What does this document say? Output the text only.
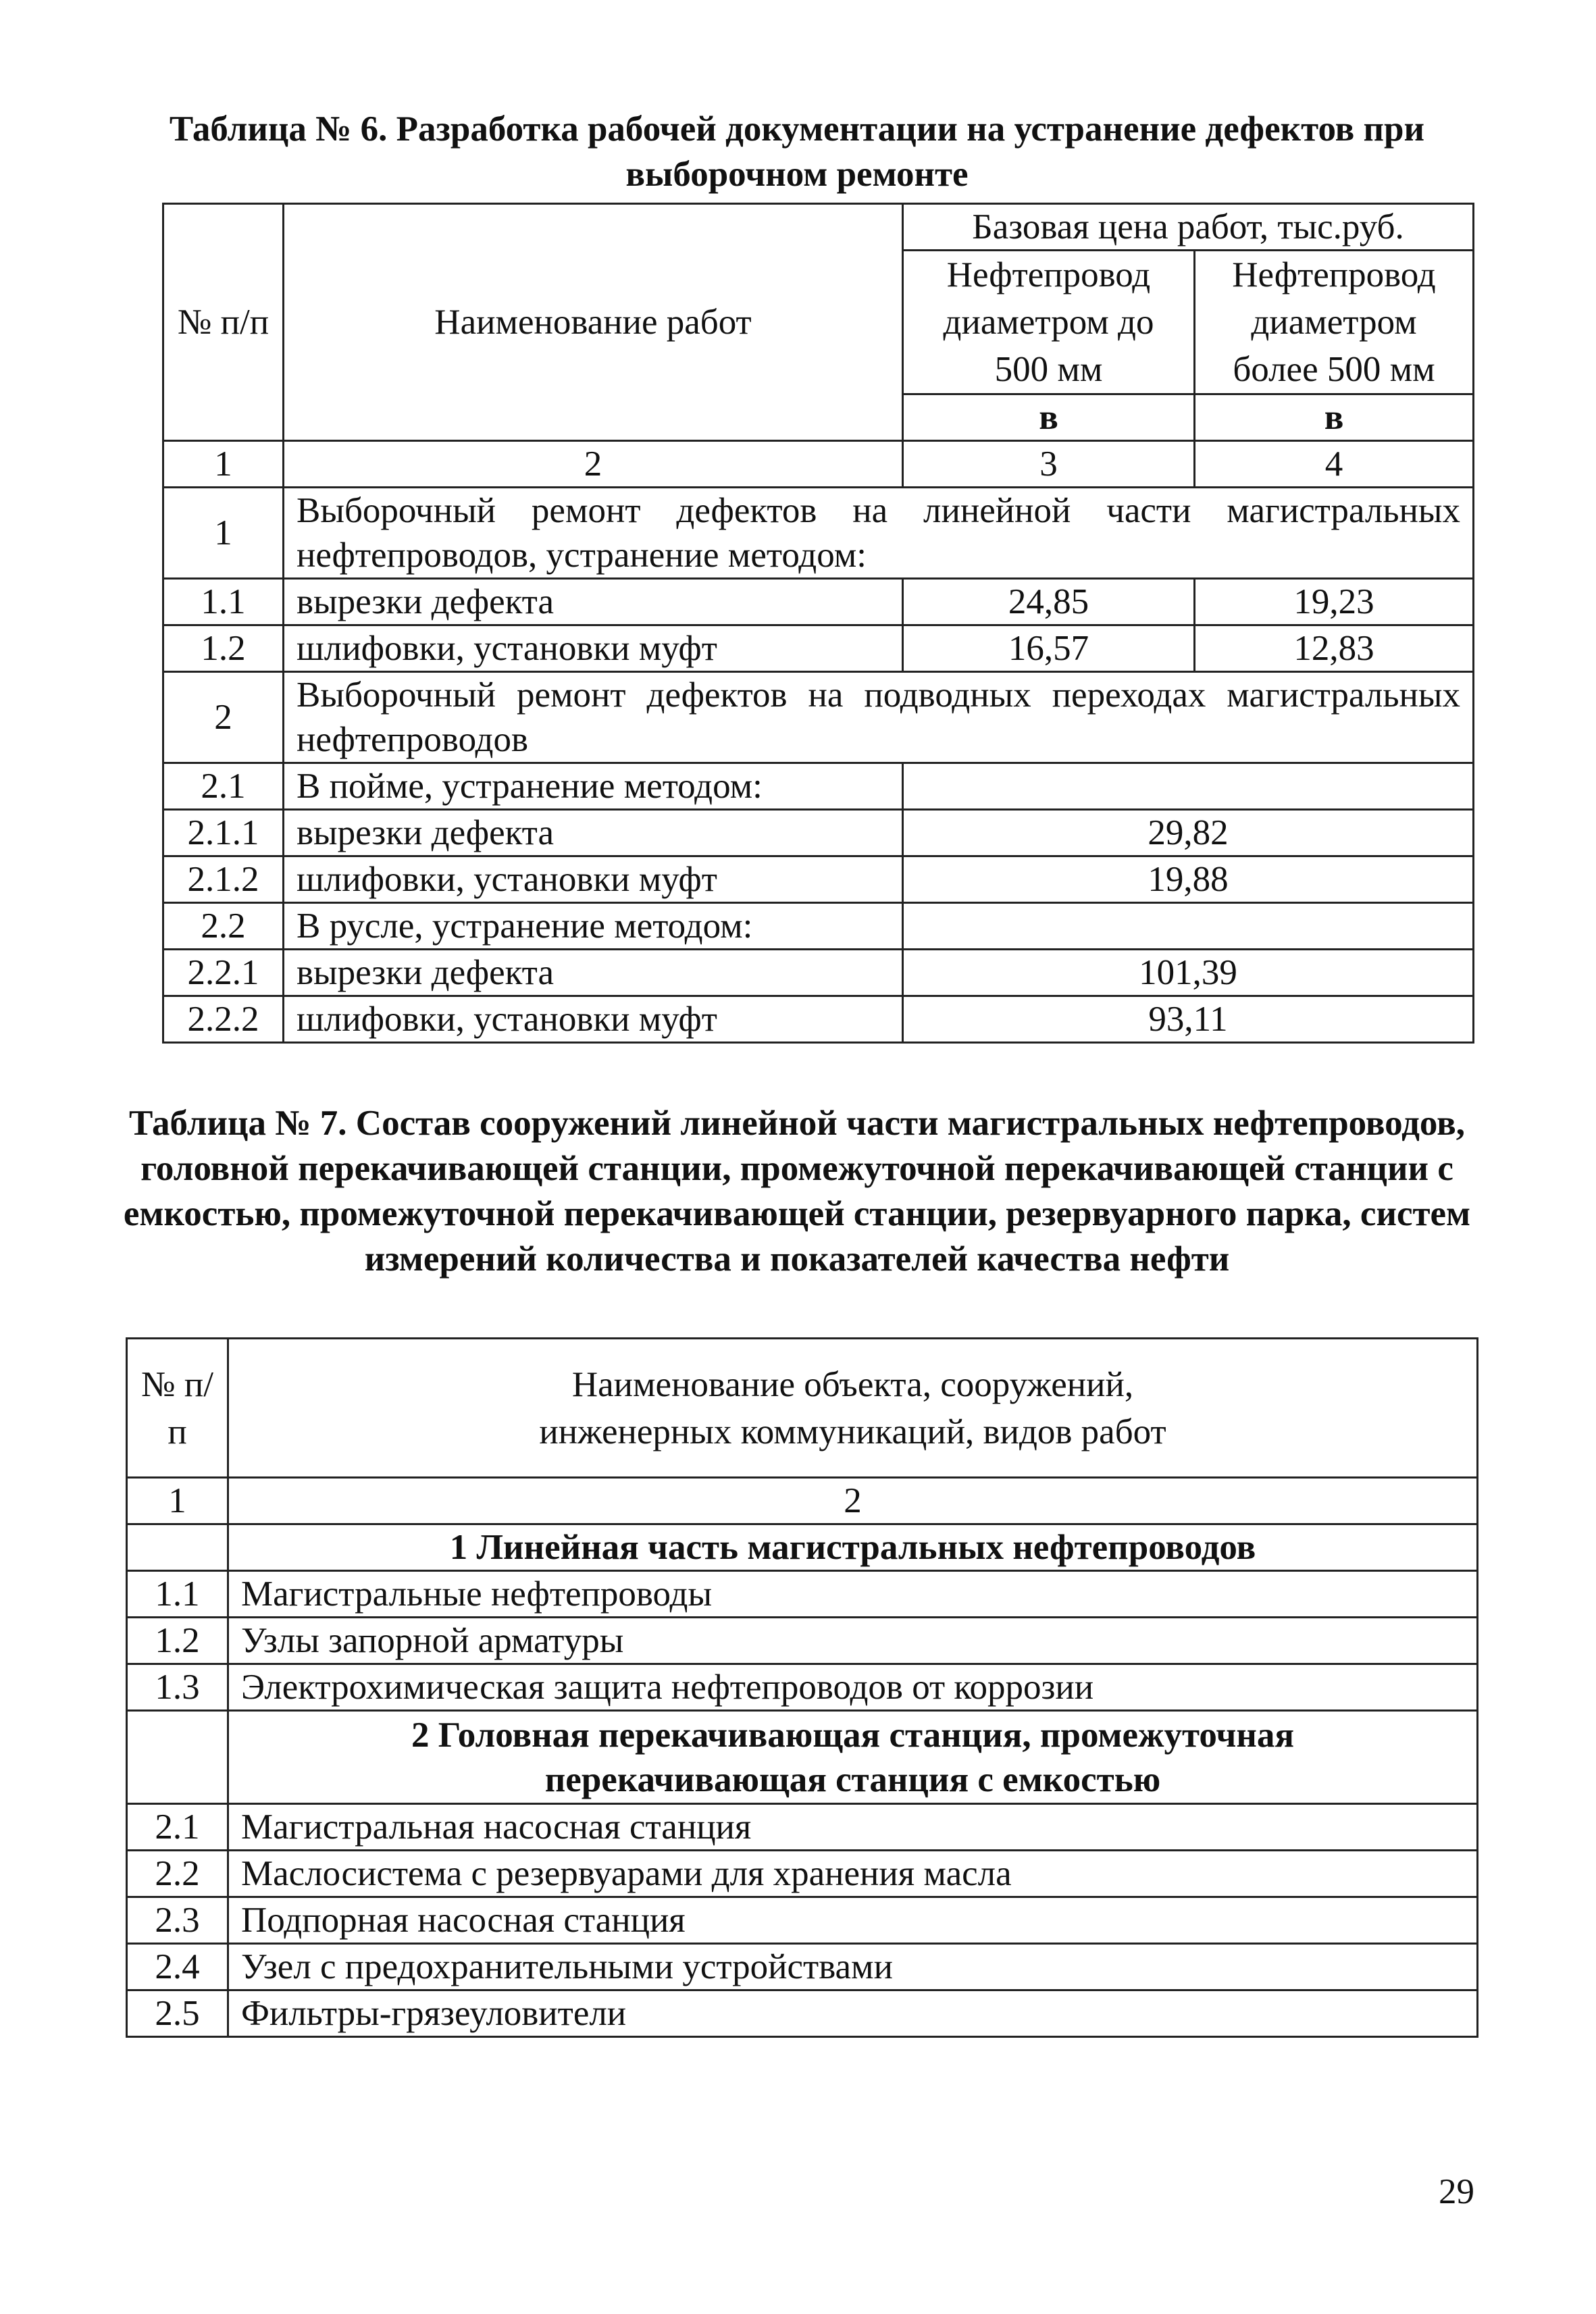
Таблица № 6. Разработка рабочей документации на устранение дефектов при выборочном ремонте
№ п/п	Наименование работ	Базовая цена работ, тыс.руб.	
		Нефтепровод диаметром до 500 мм	Нефтепровод диаметром более 500 мм
		в	в
1	2	3	4
1	Выборочный ремонт дефектов на линейной части магистральных нефтепроводов, устранение методом:		
1.1	вырезки дефекта	24,85	19,23
1.2	шлифовки, установки муфт	16,57	12,83
2	Выборочный ремонт дефектов на подводных переходах магистральных нефтепроводов		
2.1	В пойме, устранение методом:		
2.1.1	вырезки дефекта	29,82	
2.1.2	шлифовки, установки муфт	19,88	
2.2	В русле, устранение методом:		
2.2.1	вырезки дефекта	101,39	
2.2.2	шлифовки, установки муфт	93,11	
Таблица № 7. Состав сооружений линейной части магистральных нефтепроводов, головной перекачивающей станции, промежуточной перекачивающей станции с емкостью, промежуточной перекачивающей станции, резервуарного парка, систем измерений количества и показателей качества нефти
№ п/п	Наименование объекта, сооружений,
инженерных коммуникаций, видов работ

1	2
	1 Линейная часть магистральных нефтепроводов
1.1	Магистральные нефтепроводы
1.2	Узлы запорной арматуры
1.3	Электрохимическая защита нефтепроводов от коррозии

	2 Головная перекачивающая станция, промежуточная
перекачивающая станция с емкостью

2.1	Магистральная насосная станция
2.2	Маслосистема с резервуарами для хранения масла
2.3	Подпорная насосная станция
2.4	Узел с предохранительными устройствами
2.5	Фильтры-грязеуловители
29
